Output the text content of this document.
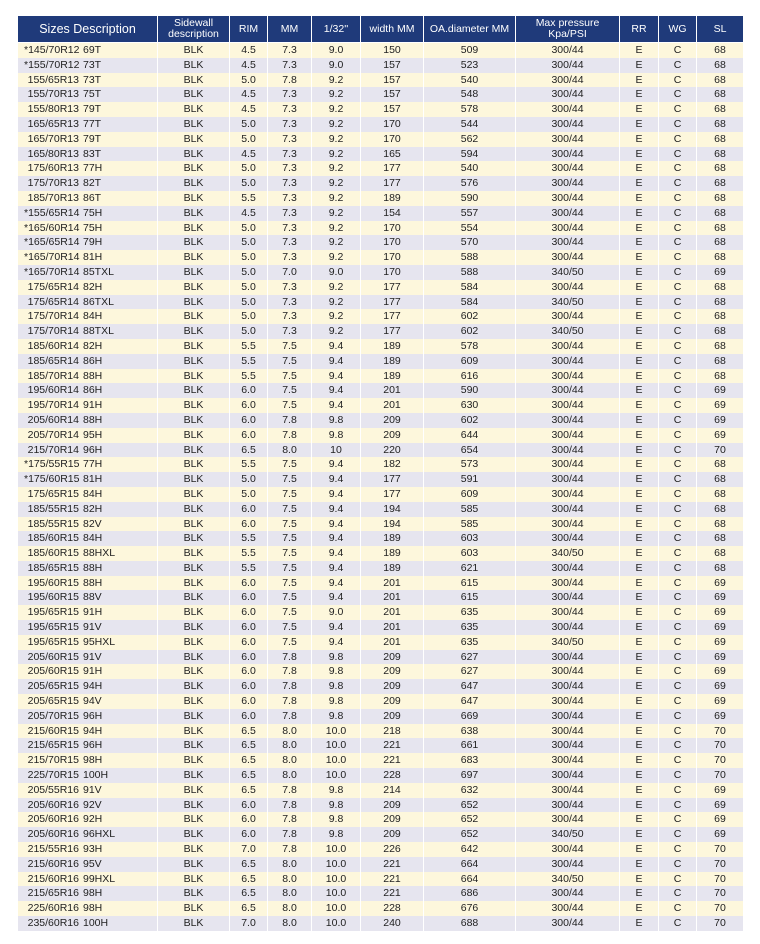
Sizes Description	Sidewall description	RIM	MM	1/32''	width MM	OA.diameter MM	Max pressure Kpa/PSI	RR	WG	SL
*145/70R12 69T	BLK	4.5	7.3	9.0	150	509	300/44	E	C	68
*155/70R12 73T	BLK	4.5	7.3	9.0	157	523	300/44	E	C	68
155/65R13 73T	BLK	5.0	7.8	9.2	157	540	300/44	E	C	68
155/70R13 75T	BLK	4.5	7.3	9.2	157	548	300/44	E	C	68
155/80R13 79T	BLK	4.5	7.3	9.2	157	578	300/44	E	C	68
165/65R13 77T	BLK	5.0	7.3	9.2	170	544	300/44	E	C	68
165/70R13 79T	BLK	5.0	7.3	9.2	170	562	300/44	E	C	68
165/80R13 83T	BLK	4.5	7.3	9.2	165	594	300/44	E	C	68
175/60R13 77H	BLK	5.0	7.3	9.2	177	540	300/44	E	C	68
175/70R13 82T	BLK	5.0	7.3	9.2	177	576	300/44	E	C	68
185/70R13 86T	BLK	5.5	7.3	9.2	189	590	300/44	E	C	68
*155/65R14 75H	BLK	4.5	7.3	9.2	154	557	300/44	E	C	68
*165/60R14 75H	BLK	5.0	7.3	9.2	170	554	300/44	E	C	68
*165/65R14 79H	BLK	5.0	7.3	9.2	170	570	300/44	E	C	68
*165/70R14 81H	BLK	5.0	7.3	9.2	170	588	300/44	E	C	68
*165/70R14 85TXL	BLK	5.0	7.0	9.0	170	588	340/50	E	C	69
175/65R14 82H	BLK	5.0	7.3	9.2	177	584	300/44	E	C	68
175/65R14 86TXL	BLK	5.0	7.3	9.2	177	584	340/50	E	C	68
175/70R14 84H	BLK	5.0	7.3	9.2	177	602	300/44	E	C	68
175/70R14 88TXL	BLK	5.0	7.3	9.2	177	602	340/50	E	C	68
185/60R14 82H	BLK	5.5	7.5	9.4	189	578	300/44	E	C	68
185/65R14 86H	BLK	5.5	7.5	9.4	189	609	300/44	E	C	68
185/70R14 88H	BLK	5.5	7.5	9.4	189	616	300/44	E	C	68
195/60R14 86H	BLK	6.0	7.5	9.4	201	590	300/44	E	C	69
195/70R14 91H	BLK	6.0	7.5	9.4	201	630	300/44	E	C	69
205/60R14 88H	BLK	6.0	7.8	9.8	209	602	300/44	E	C	69
205/70R14 95H	BLK	6.0	7.8	9.8	209	644	300/44	E	C	69
215/70R14 96H	BLK	6.5	8.0	10	220	654	300/44	E	C	70
*175/55R15 77H	BLK	5.5	7.5	9.4	182	573	300/44	E	C	68
*175/60R15 81H	BLK	5.0	7.5	9.4	177	591	300/44	E	C	68
175/65R15 84H	BLK	5.0	7.5	9.4	177	609	300/44	E	C	68
185/55R15 82H	BLK	6.0	7.5	9.4	194	585	300/44	E	C	68
185/55R15 82V	BLK	6.0	7.5	9.4	194	585	300/44	E	C	68
185/60R15 84H	BLK	5.5	7.5	9.4	189	603	300/44	E	C	68
185/60R15 88HXL	BLK	5.5	7.5	9.4	189	603	340/50	E	C	68
185/65R15 88H	BLK	5.5	7.5	9.4	189	621	300/44	E	C	68
195/60R15 88H	BLK	6.0	7.5	9.4	201	615	300/44	E	C	69
195/60R15 88V	BLK	6.0	7.5	9.4	201	615	300/44	E	C	69
195/65R15 91H	BLK	6.0	7.5	9.0	201	635	300/44	E	C	69
195/65R15 91V	BLK	6.0	7.5	9.4	201	635	300/44	E	C	69
195/65R15 95HXL	BLK	6.0	7.5	9.4	201	635	340/50	E	C	69
205/60R15 91V	BLK	6.0	7.8	9.8	209	627	300/44	E	C	69
205/60R15 91H	BLK	6.0	7.8	9.8	209	627	300/44	E	C	69
205/65R15 94H	BLK	6.0	7.8	9.8	209	647	300/44	E	C	69
205/65R15 94V	BLK	6.0	7.8	9.8	209	647	300/44	E	C	69
205/70R15 96H	BLK	6.0	7.8	9.8	209	669	300/44	E	C	69
215/60R15 94H	BLK	6.5	8.0	10.0	218	638	300/44	E	C	70
215/65R15 96H	BLK	6.5	8.0	10.0	221	661	300/44	E	C	70
215/70R15 98H	BLK	6.5	8.0	10.0	221	683	300/44	E	C	70
225/70R15 100H	BLK	6.5	8.0	10.0	228	697	300/44	E	C	70
205/55R16 91V	BLK	6.5	7.8	9.8	214	632	300/44	E	C	69
205/60R16 92V	BLK	6.0	7.8	9.8	209	652	300/44	E	C	69
205/60R16 92H	BLK	6.0	7.8	9.8	209	652	300/44	E	C	69
205/60R16 96HXL	BLK	6.0	7.8	9.8	209	652	340/50	E	C	69
215/55R16 93H	BLK	7.0	7.8	10.0	226	642	300/44	E	C	70
215/60R16 95V	BLK	6.5	8.0	10.0	221	664	300/44	E	C	70
215/60R16 99HXL	BLK	6.5	8.0	10.0	221	664	340/50	E	C	70
215/65R16 98H	BLK	6.5	8.0	10.0	221	686	300/44	E	C	70
225/60R16 98H	BLK	6.5	8.0	10.0	228	676	300/44	E	C	70
235/60R16 100H	BLK	7.0	8.0	10.0	240	688	300/44	E	C	70
